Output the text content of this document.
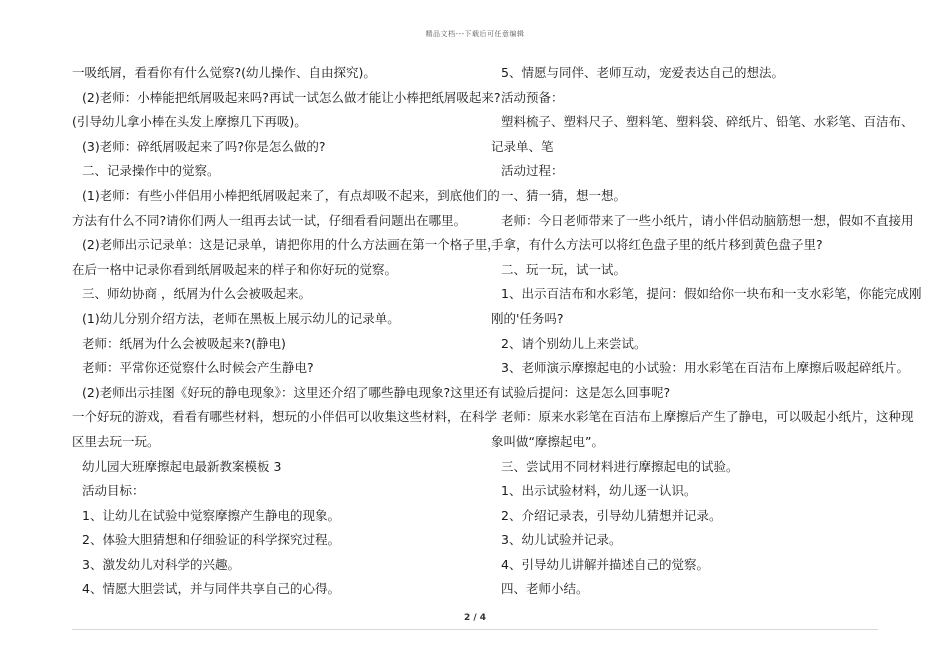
精品文档---下载后可任意编辑
一吸纸屑，看看你有什么觉察?(幼儿操作、自由探究)。
(2)老师：小棒能把纸屑吸起来吗?再试一试怎么做才能让小棒把纸屑吸起来?
(引导幼儿拿小棒在头发上摩擦几下再吸)。
(3)老师：碎纸屑吸起来了吗?你是怎么做的?
二、记录操作中的觉察。
(1)老师：有些小伴侣用小棒把纸屑吸起来了，有点却吸不起来，到底他们的
方法有什么不同?请你们两人一组再去试一试，仔细看看问题出在哪里。
(2)老师出示记录单：这是记录单，请把你用的什么方法画在第一个格子里，
在后一格中记录你看到纸屑吸起来的样子和你好玩的觉察。
三、师幼协商 ，纸屑为什么会被吸起来。
(1)幼儿分别介绍方法，老师在黑板上展示幼儿的记录单。
老师：纸屑为什么会被吸起来?(静电)
老师：平常你还觉察什么时候会产生静电?
(2)老师出示挂图《好玩的静电现象》：这里还介绍了哪些静电现象?这里还有
一个好玩的游戏，看看有哪些材料，想玩的小伴侣可以收集这些材料，在科学
区里去玩一玩。
幼儿园大班摩擦起电最新教案模板 3
活动目标：
1、让幼儿在试验中觉察摩擦产生静电的现象。
2、体验大胆猜想和仔细验证的科学探究过程。
3、激发幼儿对科学的兴趣。
4、情愿大胆尝试，并与同伴共享自己的心得。
5、情愿与同伴、老师互动，宠爱表达自己的想法。
活动预备：
塑料梳子、塑料尺子、塑料笔、塑料袋、碎纸片、铅笔、水彩笔、百洁布、
记录单、笔
活动过程：
一、猜一猜，想一想。
老师：今日老师带来了一些小纸片，请小伴侣动脑筋想一想，假如不直接用
手拿，有什么方法可以将红色盘子里的纸片移到黄色盘子里?
二、玩一玩，试一试。
1、出示百洁布和水彩笔，提问：假如给你一块布和一支水彩笔，你能完成刚
刚的'任务吗?
2、请个别幼儿上来尝试。
3、老师演示摩擦起电的小试验：用水彩笔在百洁布上摩擦后吸起碎纸片。
试验后提问：这是怎么回事呢?
老师：原来水彩笔在百洁布上摩擦后产生了静电，可以吸起小纸片，这种现
象叫做“摩擦起电”。
三、尝试用不同材料进行摩擦起电的试验。
1、出示试验材料，幼儿逐一认识。
2、介绍记录表，引导幼儿猜想并记录。
3、幼儿试验并记录。
4、引导幼儿讲解并描述自己的觉察。
四、老师小结。
2 / 4
